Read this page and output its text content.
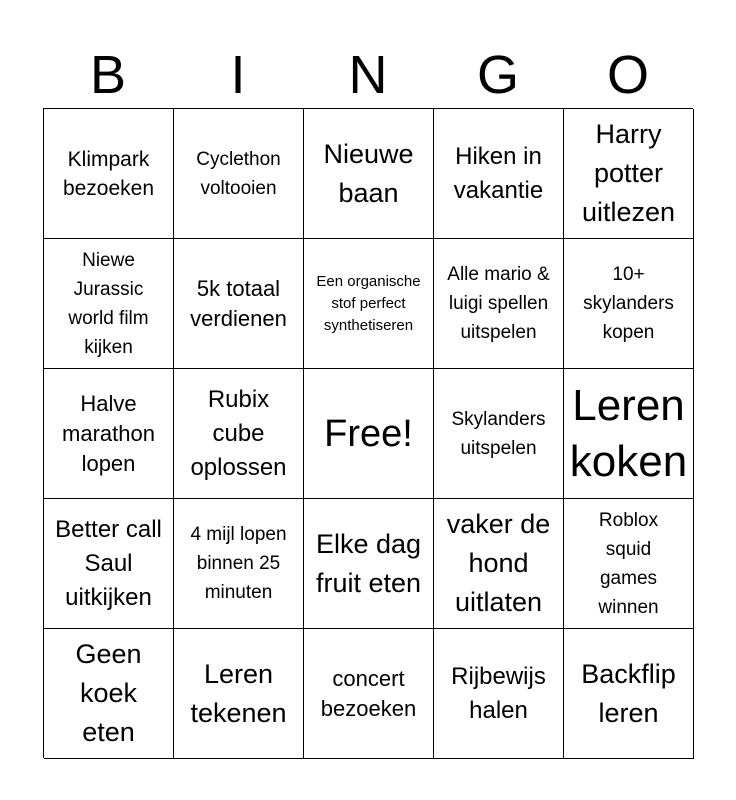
B	I	N	G	O
Klimpark bezoeken
Cyclethon voltooien
Nieuwe baan
Hiken in vakantie
Harry potter uitlezen
Niewe Jurassic world film kijken
5k totaal verdienen
Een organische stof perfect synthetiseren
Alle mario & luigi spellen uitspelen
10+ skylanders kopen
Halve marathon lopen
Rubix cube oplossen
Free!	Skylanders uitspelen
Leren koken
Better call Saul uitkijken
4 mijl lopen binnen 25 minuten
Elke dag fruit eten
vaker de hond uitlaten
Roblox squid games winnen
Geen koek eten
Leren tekenen
concert bezoeken
Rijbewijs halen
Backflip leren
